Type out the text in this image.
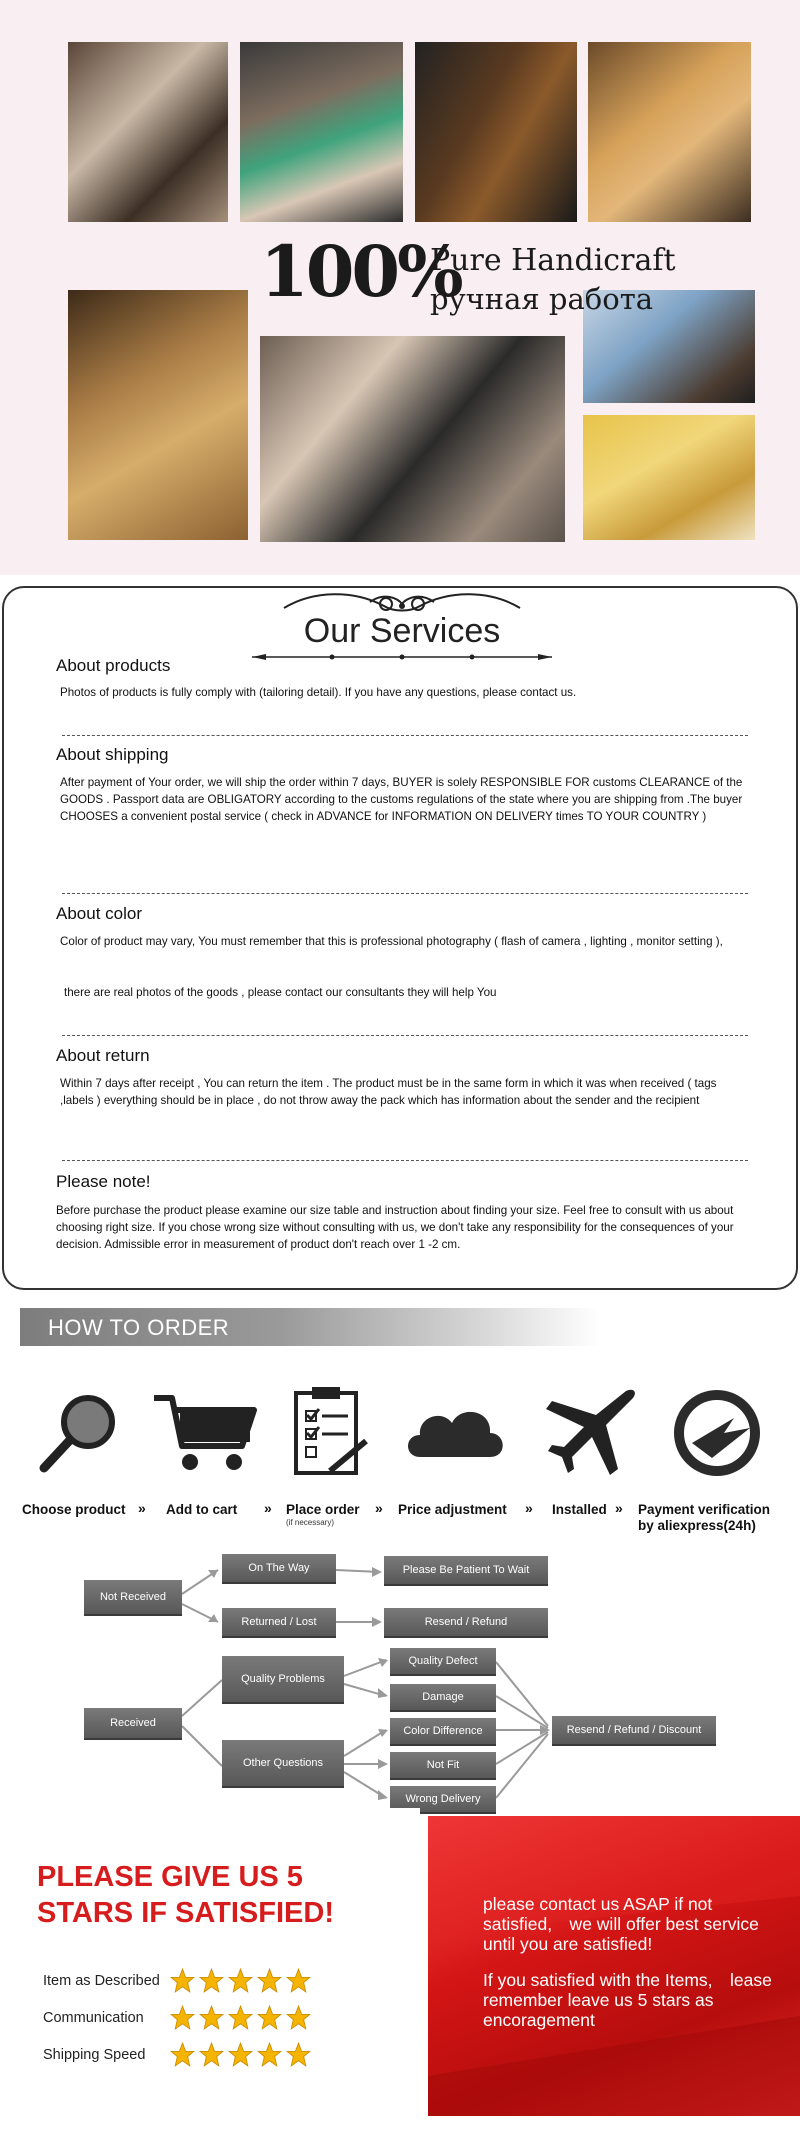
100%
Pure Handicraft
ручная работа
Our Services
About products
Photos of products is fully comply with (tailoring detail). If you have any questions, please contact us.
About shipping
After payment of Your order, we will ship the order within 7 days, BUYER is solely RESPONSIBLE FOR customs CLEARANCE of the GOODS . Passport data are OBLIGATORY according to the customs regulations of the state where you are shipping from .The buyer CHOOSES a convenient postal service ( check in ADVANCE for INFORMATION ON DELIVERY times TO YOUR COUNTRY )
About color
Color of product may vary, You must remember that this is professional photography ( flash of camera , lighting , monitor setting ),
there are real photos of the goods , please contact our consultants they will help You
About return
Within 7 days after receipt , You can return the item . The product must be in the same form in which it was when received ( tags ,labels ) everything should be in place , do not throw away the pack which has information about the sender and the recipient
Please note!
Before purchase the product please examine our size table and instruction about finding your size. Feel free to consult with us about choosing right size. If you chose wrong size without consulting with us, we don't take any responsibility for the consequences of your decision. Admissible error in measurement of product don't reach over 1 -2 cm.
HOW TO ORDER
Choose product » Add to cart » Place order
(if necessary)
» Price adjustment » Installed » Payment verification
by aliexpress(24h)
Not Received
On The Way
Returned / Lost
Please Be Patient To Wait
Resend / Refund
Received
Quality Problems
Other Questions
Quality Defect
Damage
Color Difference
Not Fit
Wrong Delivery
Resend / Refund / Discount
PLEASE GIVE US 5
STARS IF SATISFIED!
Item as Described
Communication
Shipping Speed
please contact us ASAP if not
satisfied,　we will offer best service
until you are satisfied!
If you satisfied with the Items,　lease
remember leave us 5 stars as
encoragement
